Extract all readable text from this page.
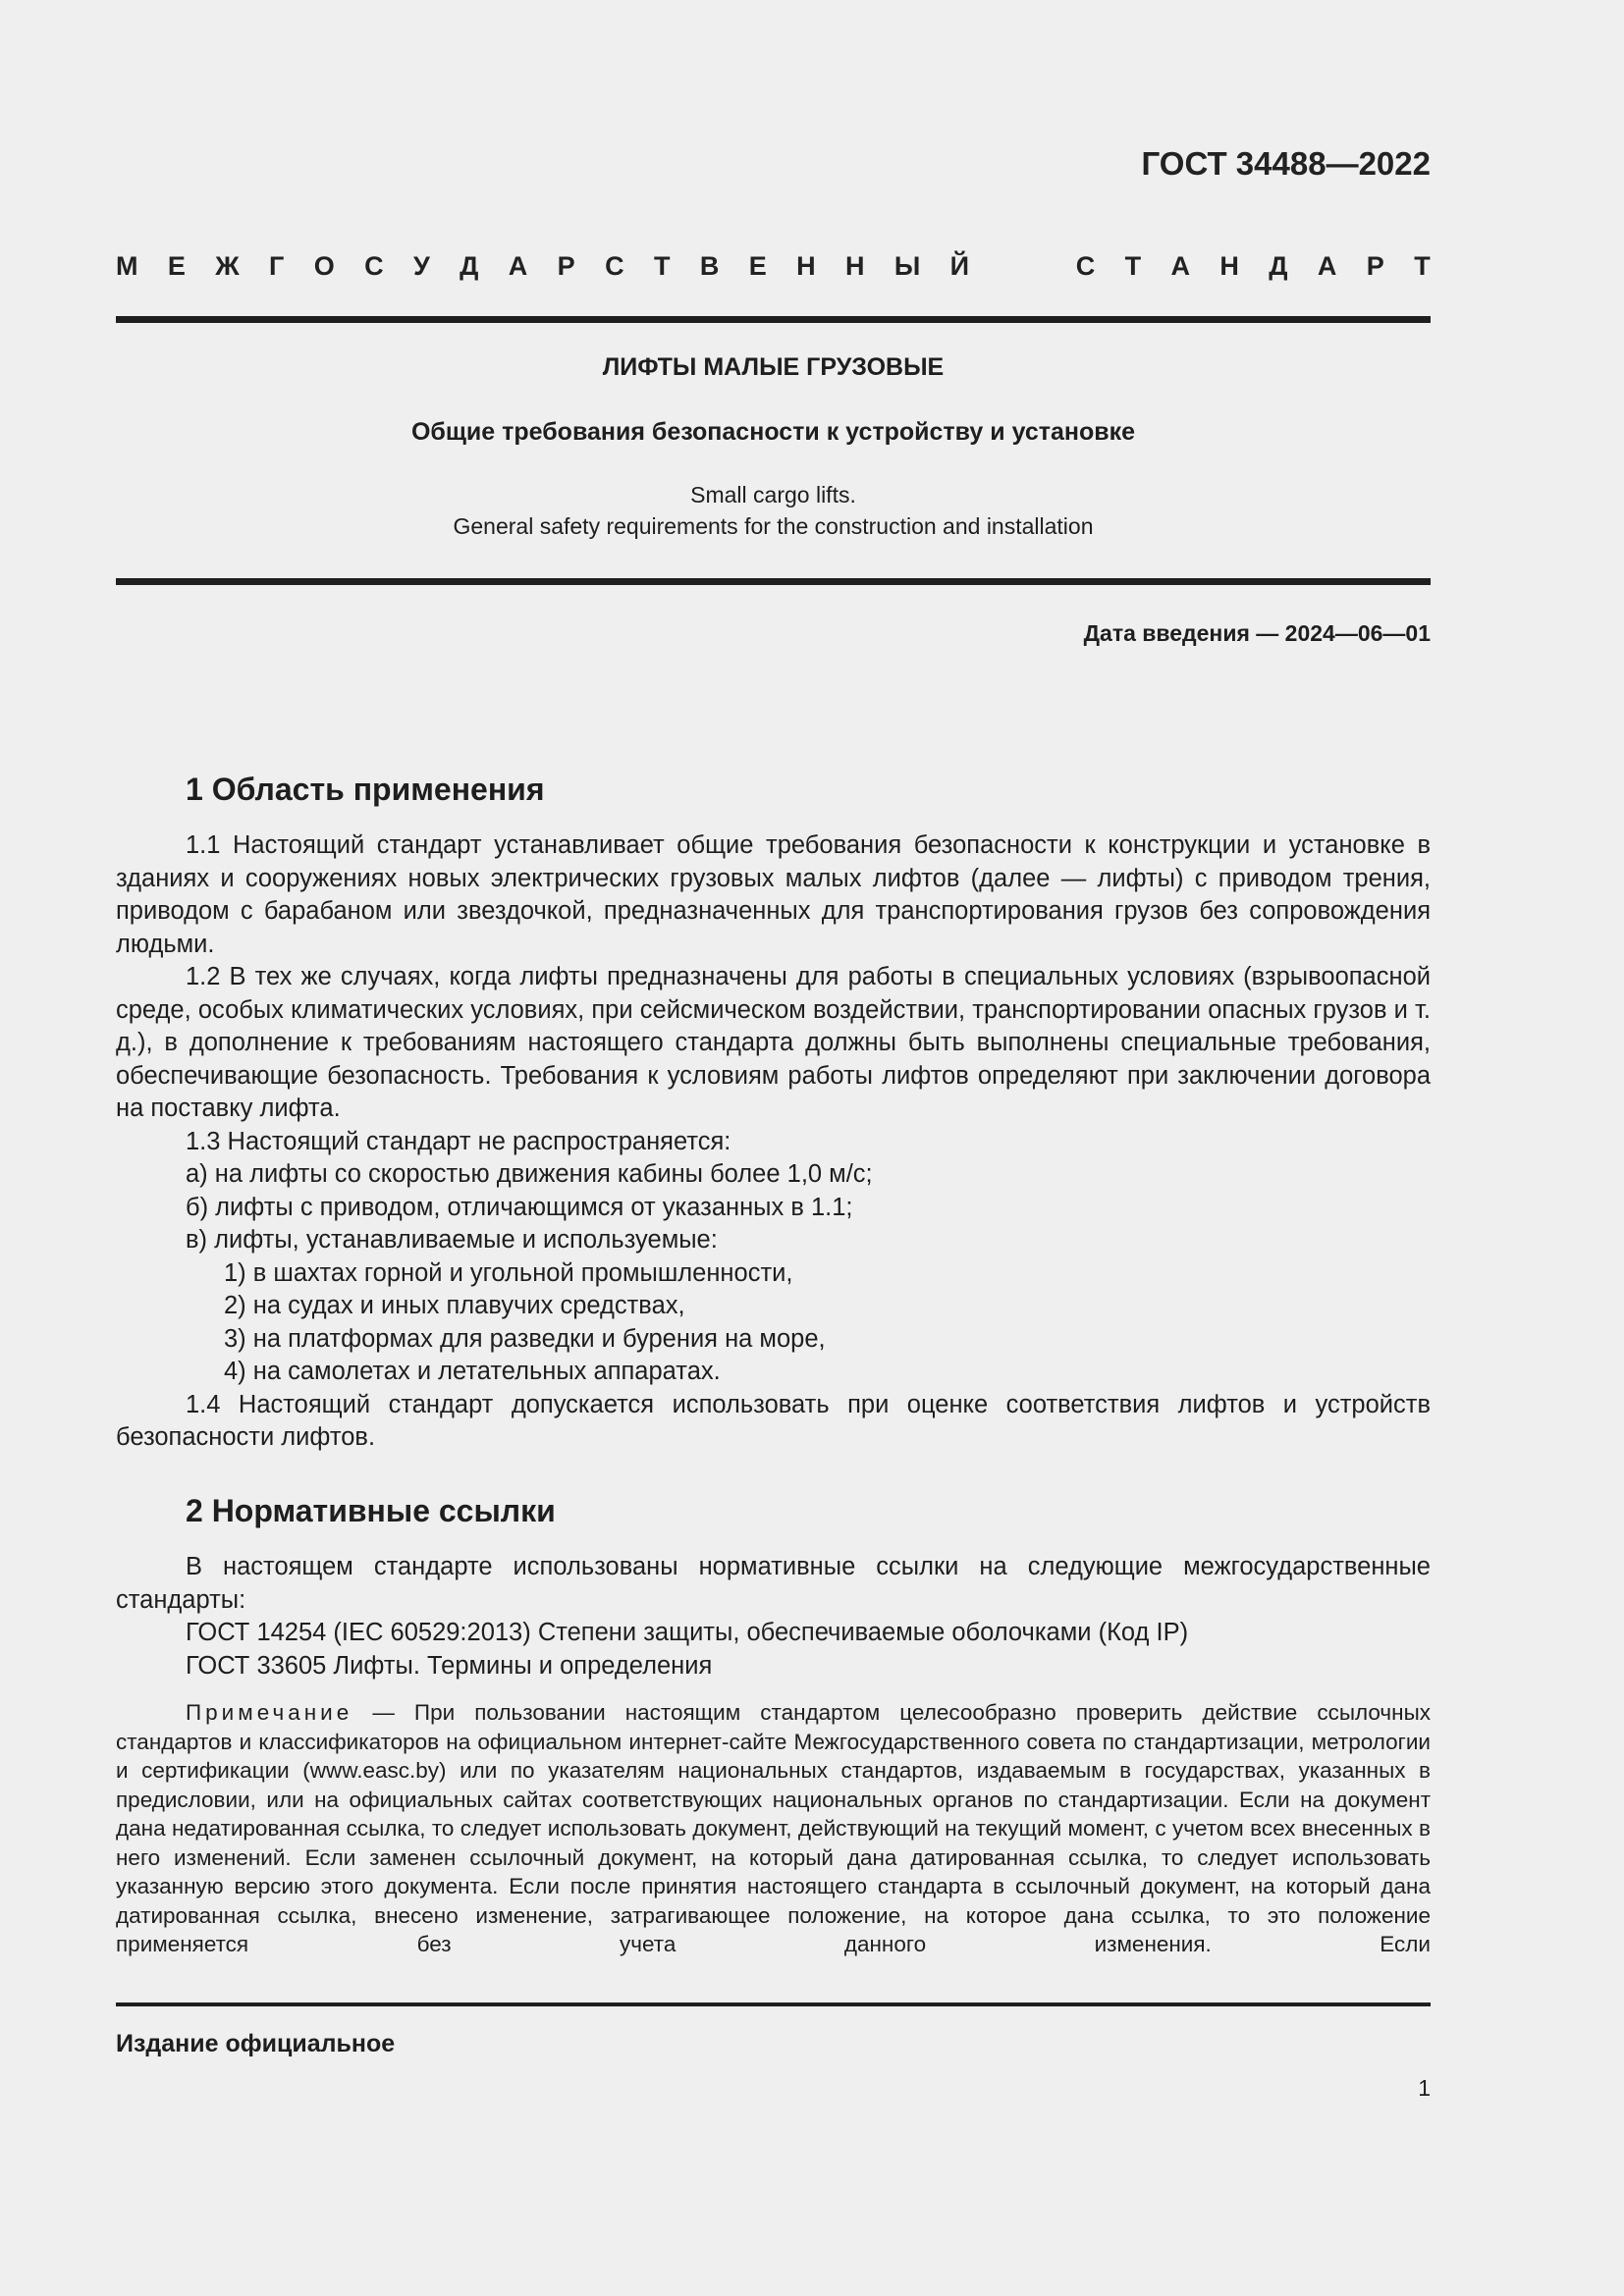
ГОСТ 34488—2022
М Е Ж Г О С У Д А Р С Т В Е Н Н Ы Й	С Т А Н Д А Р Т
ЛИФТЫ МАЛЫЕ ГРУЗОВЫЕ
Общие требования безопасности к устройству и установке
Small cargo lifts.
General safety requirements for the construction and installation
Дата введения — 2024—06—01
1 Область применения

1.1 Настоящий стандарт устанавливает общие требования безопасности к конструкции и установке в зданиях и сооружениях новых электрических грузовых малых лифтов (далее — лифты) с приводом трения, приводом с барабаном или звездочкой, предназначенных для транспортирования грузов без сопровождения людьми.

1.2 В тех же случаях, когда лифты предназначены для работы в специальных условиях (взрывоопасной среде, особых климатических условиях, при сейсмическом воздействии, транспортировании опасных грузов и т. д.), в дополнение к требованиям настоящего стандарта должны быть выполнены специальные требования, обеспечивающие безопасность. Требования к условиям работы лифтов определяют при заключении договора на поставку лифта.

1.3 Настоящий стандарт не распространяется:

а) на лифты со скоростью движения кабины более 1,0 м/с;

б) лифты с приводом, отличающимся от указанных в 1.1;

в) лифты, устанавливаемые и используемые:

1) в шахтах горной и угольной промышленности,

2) на судах и иных плавучих средствах,

3) на платформах для разведки и бурения на море,

4) на самолетах и летательных аппаратах.

1.4 Настоящий стандарт допускается использовать при оценке соответствия лифтов и устройств безопасности лифтов.

2 Нормативные ссылки

В настоящем стандарте использованы нормативные ссылки на следующие межгосударственные стандарты:

ГОСТ 14254 (IEC 60529:2013) Степени защиты, обеспечиваемые оболочками (Код IP)

ГОСТ 33605 Лифты. Термины и определения

Примечание — При пользовании настоящим стандартом целесообразно проверить действие ссылочных стандартов и классификаторов на официальном интернет-сайте Межгосударственного совета по стандартизации, метрологии и сертификации (www.easc.by) или по указателям национальных стандартов, издаваемым в государствах, указанных в предисловии, или на официальных сайтах соответствующих национальных органов по стандартизации. Если на документ дана недатированная ссылка, то следует использовать документ, действующий на текущий момент, с учетом всех внесенных в него изменений. Если заменен ссылочный документ, на который дана датированная ссылка, то следует использовать указанную версию этого документа. Если после принятия настоящего стандарта в ссылочный документ, на который дана датированная ссылка, внесено изменение, затрагивающее положение, на которое дана ссылка, то это положение применяется без учета данного изменения. Если
Издание официальное
1
